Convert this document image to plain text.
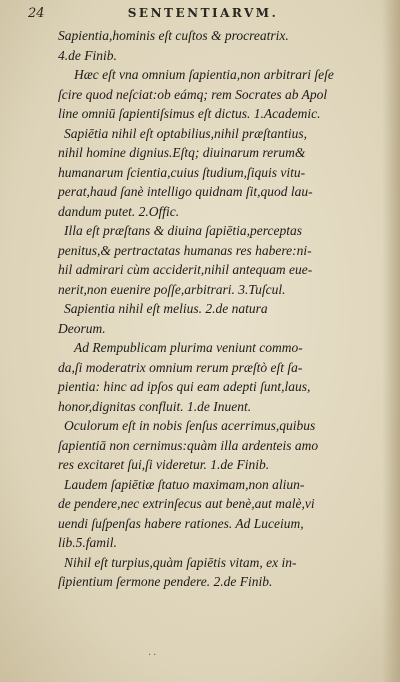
24	SENTENTIARVM.
Sapientia,hominis eſt cuſtos & procreatrix.
4.de Finib.
Hæc eſt vna omnium ſapientia,non arbitrari ſeſe
ſcire quod neſciat:ob eámq; rem Socrates ab Apol
line omniū ſapientiſsimus eſt dictus. 1.Academic.
Sapiētia nihil eſt optabilius,nihil præſtantius,
nihil homine dignius.Eſtq; diuinarum rerum&
humanarum ſcientia,cuius ſtudium,ſiquis vitu-
perat,haud ſanè intelligo quidnam ſit,quod lau-
dandum putet. 2.Offic.
Illa eſt præſtans & diuina ſapiētia,perceptas
penitus,& pertractatas humanas res habere:ni-
hil admirari cùm acciderit,nihil antequam eue-
nerit,non euenire poſſe,arbitrari. 3.Tuſcul.
Sapientia nihil eſt melius. 2.de natura
Deorum.
Ad Rempublicam plurima veniunt commo-
da,ſi moderatrix omnium rerum præſtò eſt ſa-
pientia: hinc ad ipſos qui eam adepti ſunt,laus,
honor,dignitas confluit. 1.de Inuent.
Oculorum eſt in nobis ſenſus acerrimus,quibus
ſapientiā non cernimus:quàm illa ardenteis amo
res excitaret ſui,ſi videretur. 1.de Finib.
Laudem ſapiētiæ ſtatuo maximam,non aliun-
de pendere,nec extrinſecus aut benè,aut malè,vi
uendi ſuſpenſas habere rationes. Ad Luceium,
lib.5.famil.
Nihil eſt turpius,quàm ſapiētis vitam, ex in-
ſipientium ſermone pendere. 2.de Finib.
··
